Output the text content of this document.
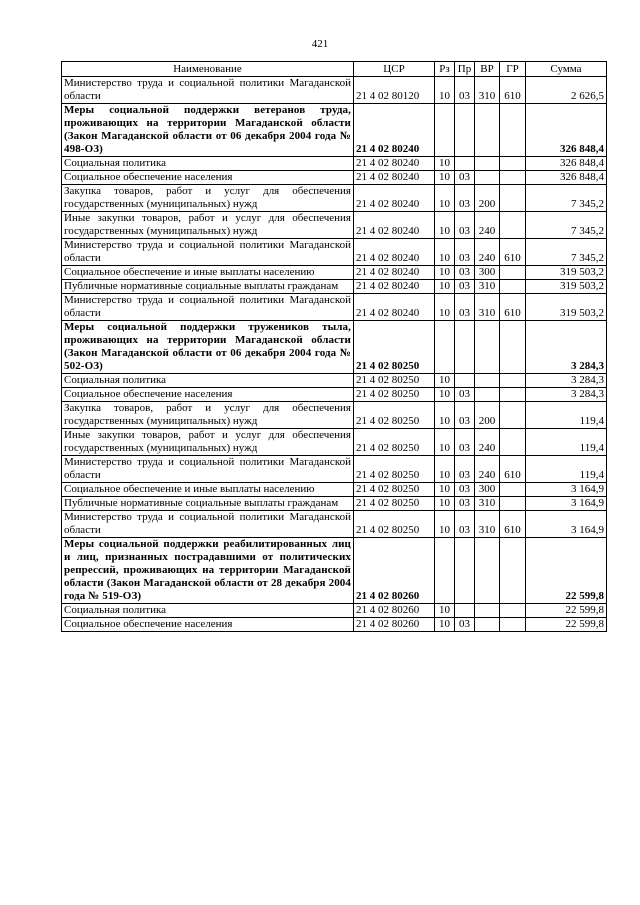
421
Наименование	ЦСР	Рз	Пр	ВР	ГР	Сумма
Министерство труда и социальной политики Магаданской области	21 4 02 80120	10	03	310	610	2 626,5
Меры социальной поддержки ветеранов труда, проживающих на территории Магаданской области (Закон Магаданской области от 06 декабря 2004 года № 498-ОЗ)	21 4 02 80240					326 848,4
Социальная политика	21 4 02 80240	10				326 848,4
Социальное обеспечение населения	21 4 02 80240	10	03			326 848,4
Закупка товаров, работ и услуг для обеспечения государственных (муниципальных) нужд	21 4 02 80240	10	03	200		7 345,2
Иные закупки товаров, работ и услуг для обеспечения государственных (муниципальных) нужд	21 4 02 80240	10	03	240		7 345,2
Министерство труда и социальной политики Магаданской области	21 4 02 80240	10	03	240	610	7 345,2
Социальное обеспечение и иные выплаты населению	21 4 02 80240	10	03	300		319 503,2
Публичные нормативные социальные выплаты гражданам	21 4 02 80240	10	03	310		319 503,2
Министерство труда и социальной политики Магаданской области	21 4 02 80240	10	03	310	610	319 503,2
Меры социальной поддержки тружеников тыла, проживающих на территории Магаданской области (Закон Магаданской области от 06 декабря 2004 года № 502-ОЗ)	21 4 02 80250					3 284,3
Социальная политика	21 4 02 80250	10				3 284,3
Социальное обеспечение населения	21 4 02 80250	10	03			3 284,3
Закупка товаров, работ и услуг для обеспечения государственных (муниципальных) нужд	21 4 02 80250	10	03	200		119,4
Иные закупки товаров, работ и услуг для обеспечения государственных (муниципальных) нужд	21 4 02 80250	10	03	240		119,4
Министерство труда и социальной политики Магаданской области	21 4 02 80250	10	03	240	610	119,4
Социальное обеспечение и иные выплаты населению	21 4 02 80250	10	03	300		3 164,9
Публичные нормативные социальные выплаты гражданам	21 4 02 80250	10	03	310		3 164,9
Министерство труда и социальной политики Магаданской области	21 4 02 80250	10	03	310	610	3 164,9
Меры социальной поддержки реабилитированных лиц и лиц, признанных пострадавшими от политических репрессий, проживающих на территории Магаданской области (Закон Магаданской области от 28 декабря 2004 года № 519-ОЗ)	21 4 02 80260					22 599,8
Социальная политика	21 4 02 80260	10				22 599,8
Социальное обеспечение населения	21 4 02 80260	10	03			22 599,8
